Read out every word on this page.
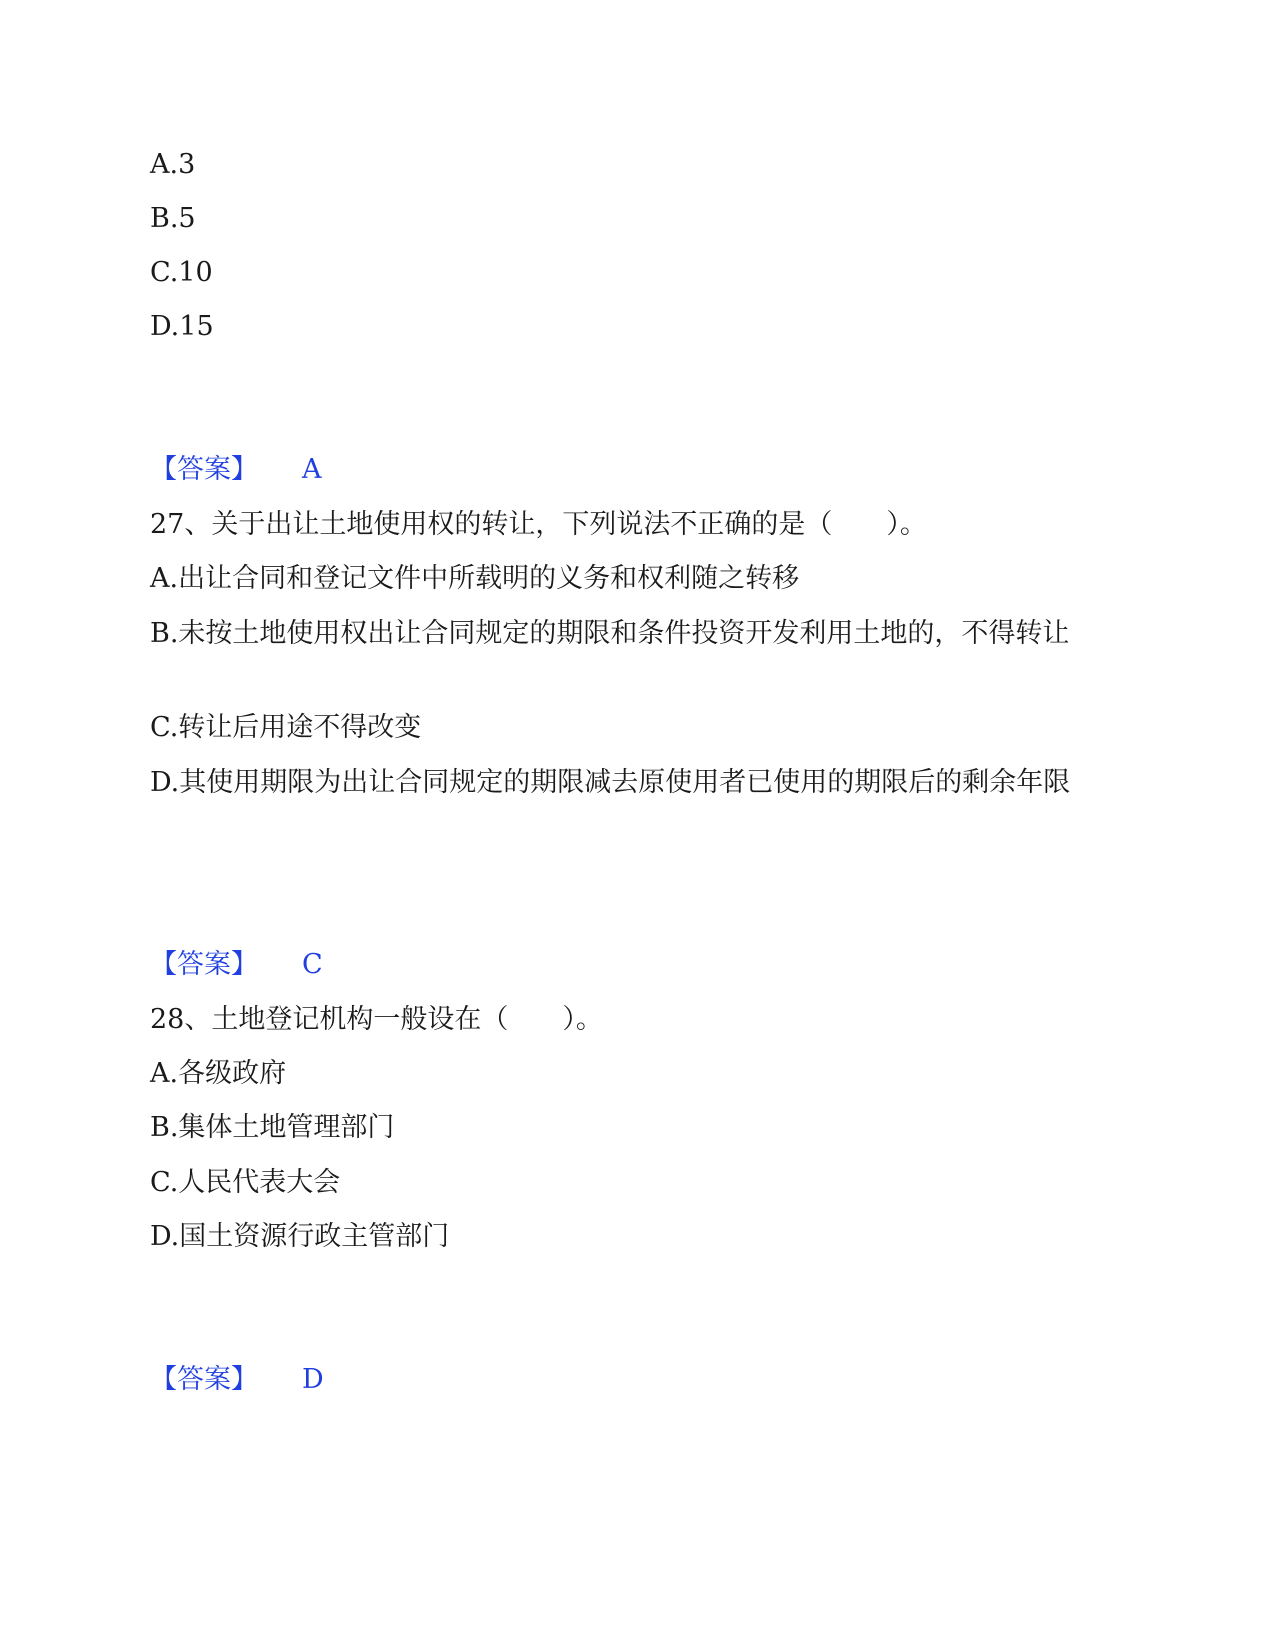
A.3
B.5
C.10
D.15
【答案】 A
27、关于出让土地使用权的转让，下列说法不正确的是（　　）。
A.出让合同和登记文件中所载明的义务和权利随之转移
B.未按土地使用权出让合同规定的期限和条件投资开发利用土地的，不得转让
C.转让后用途不得改变
D.其使用期限为出让合同规定的期限减去原使用者已使用的期限后的剩余年限
【答案】 C
28、土地登记机构一般设在（　　）。
A.各级政府
B.集体土地管理部门
C.人民代表大会
D.国土资源行政主管部门
【答案】 D
